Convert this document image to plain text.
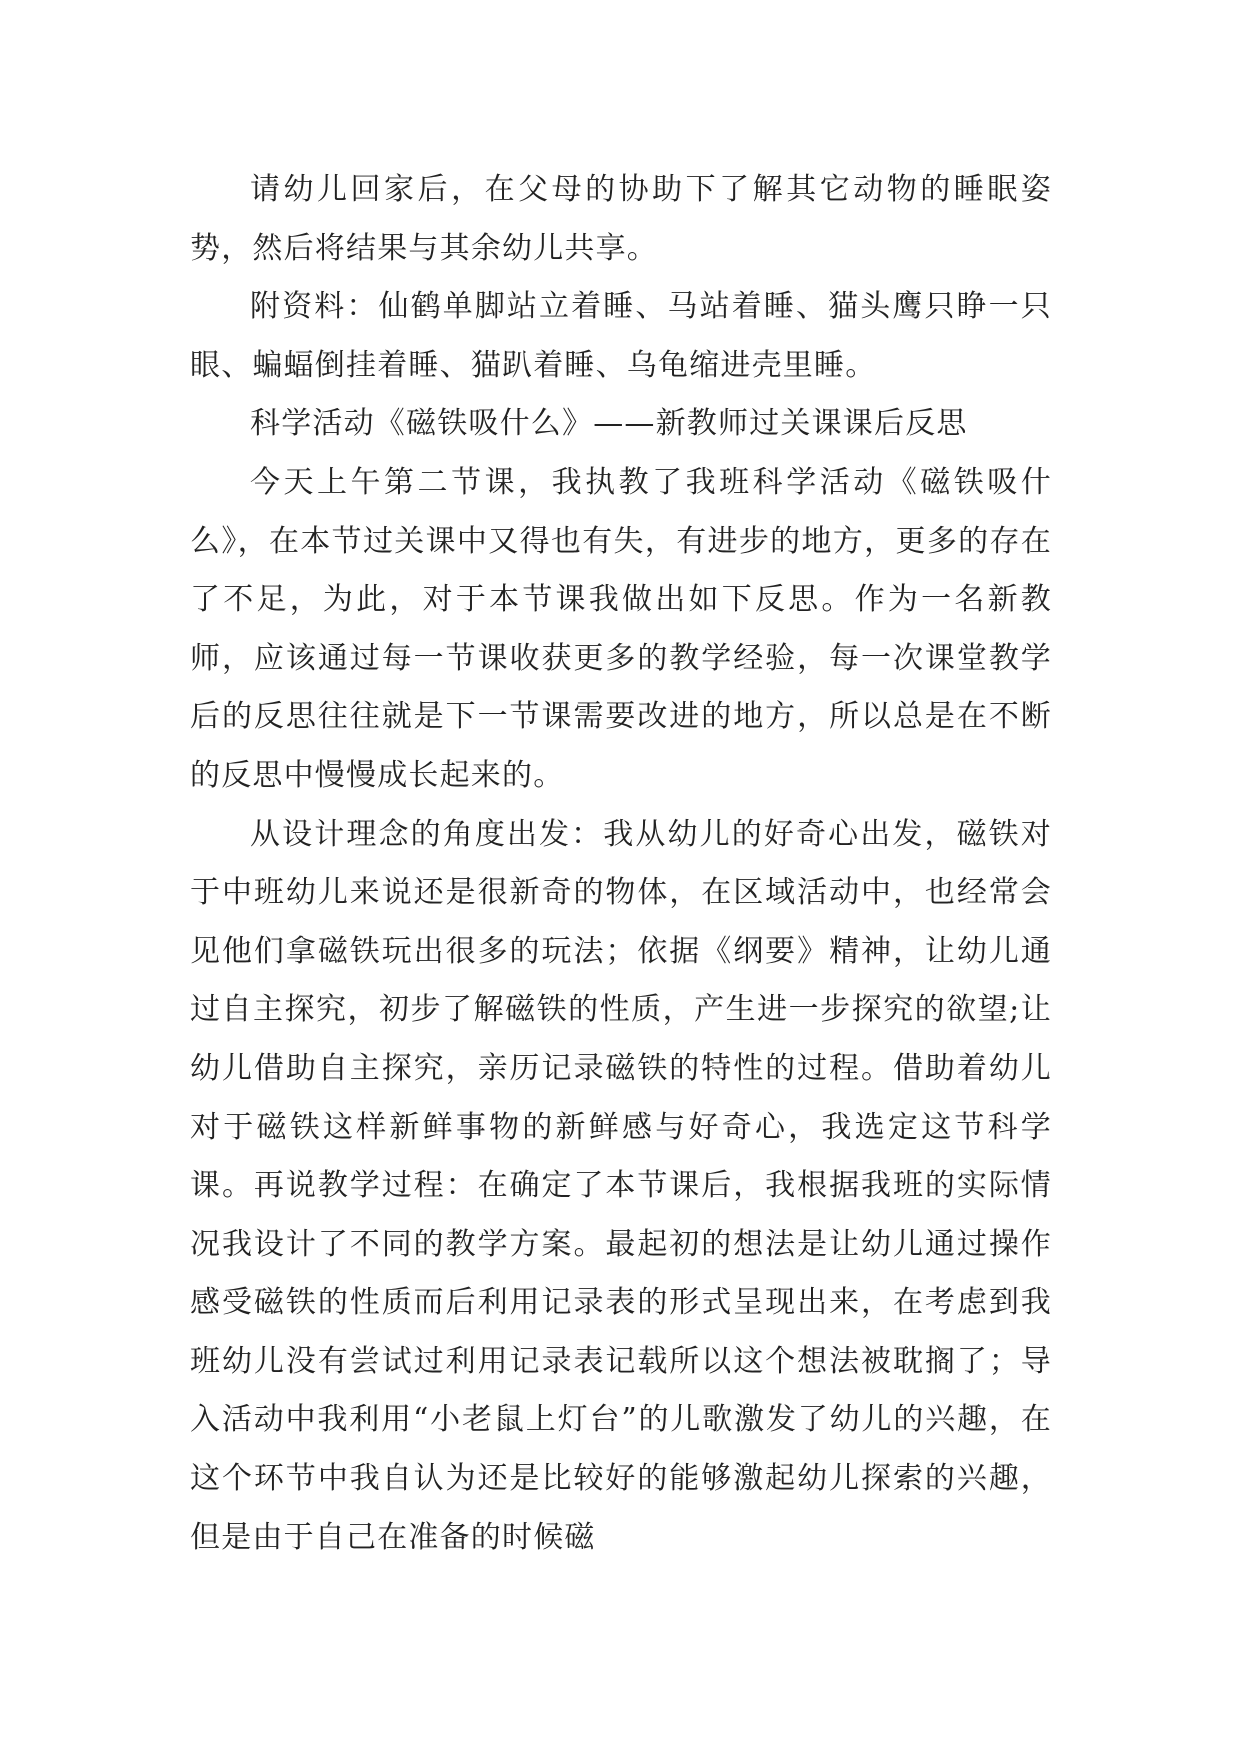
请幼儿回家后，在父母的协助下了解其它动物的睡眠姿势，然后将结果与其余幼儿共享。

附资料：仙鹤单脚站立着睡、马站着睡、猫头鹰只睁一只眼、蝙蝠倒挂着睡、猫趴着睡、乌龟缩进壳里睡。

科学活动《磁铁吸什么》——新教师过关课课后反思

今天上午第二节课，我执教了我班科学活动《磁铁吸什么》，在本节过关课中又得也有失，有进步的地方，更多的存在了不足，为此，对于本节课我做出如下反思。作为一名新教师，应该通过每一节课收获更多的教学经验，每一次课堂教学后的反思往往就是下一节课需要改进的地方，所以总是在不断的反思中慢慢成长起来的。

从设计理念的角度出发：我从幼儿的好奇心出发，磁铁对于中班幼儿来说还是很新奇的物体，在区域活动中，也经常会见他们拿磁铁玩出很多的玩法；依据《纲要》精神，让幼儿通过自主探究，初步了解磁铁的性质，产生进一步探究的欲望;让幼儿借助自主探究，亲历记录磁铁的特性的过程。借助着幼儿对于磁铁这样新鲜事物的新鲜感与好奇心，我选定这节科学课。再说教学过程：在确定了本节课后，我根据我班的实际情况我设计了不同的教学方案。最起初的想法是让幼儿通过操作感受磁铁的性质而后利用记录表的形式呈现出来，在考虑到我班幼儿没有尝试过利用记录表记载所以这个想法被耽搁了；导入活动中我利用“小老鼠上灯台”的儿歌激发了幼儿的兴趣，在这个环节中我自认为还是比较好的能够激起幼儿探索的兴趣，但是由于自己在准备的时候磁
